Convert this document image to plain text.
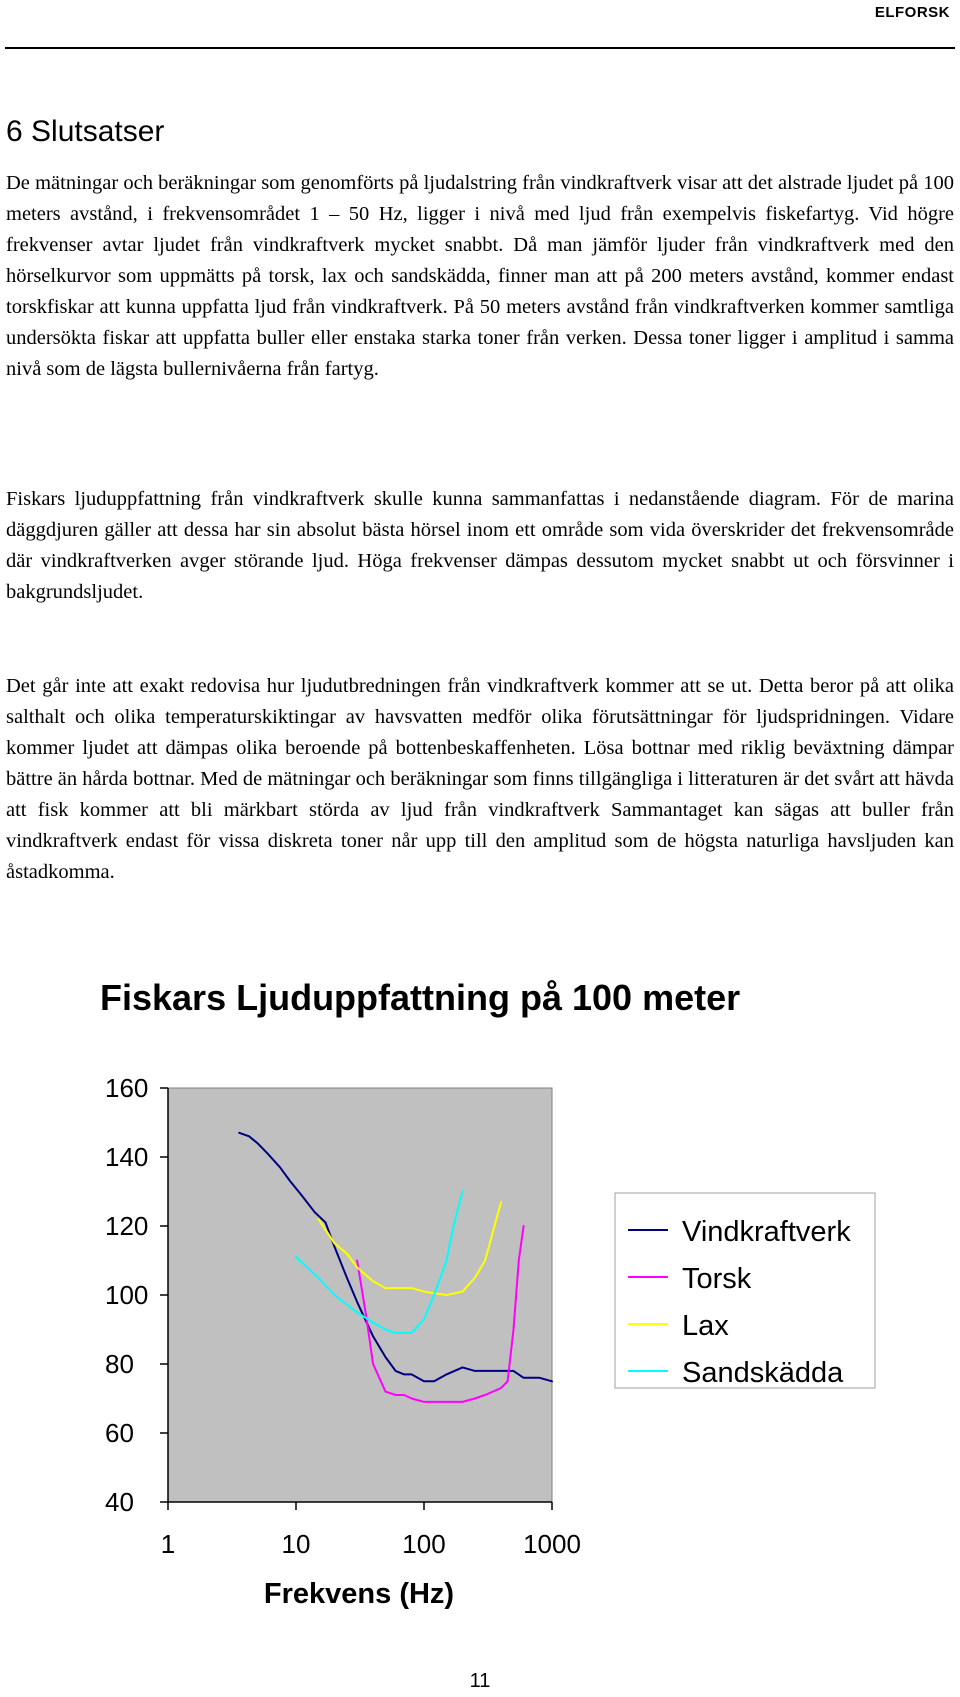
ELFORSK
6 Slutsatser

De mätningar och beräkningar som genomförts på ljudalstring från vindkraftverk visar att det alstrade ljudet på 100 meters avstånd, i frekvensområdet 1 – 50 Hz, ligger i nivå med ljud från exempelvis fiskefartyg. Vid högre frekvenser avtar ljudet från vindkraftverk mycket snabbt. Då man jämför ljuder från vindkraftverk med den hörselkurvor som uppmätts på torsk, lax och sandskädda, finner man att på 200 meters avstånd, kommer endast torskfiskar att kunna uppfatta ljud från vindkraftverk. På 50 meters avstånd från vindkraftverken kommer samtliga undersökta fiskar att uppfatta buller eller enstaka starka toner från verken. Dessa toner ligger i amplitud i samma nivå som de lägsta bullernivåerna från fartyg.

Fiskars ljuduppfattning från vindkraftverk skulle kunna sammanfattas i nedanstående diagram. För de marina däggdjuren gäller att dessa har sin absolut bästa hörsel inom ett område som vida överskrider det frekvensområde där vindkraftverken avger störande ljud. Höga frekvenser dämpas dessutom mycket snabbt ut och försvinner i bakgrundsljudet.

Det går inte att exakt redovisa hur ljudutbredningen från vindkraftverk kommer att se ut. Detta beror på att olika salthalt och olika temperaturskiktingar av havsvatten medför olika förutsättningar för ljudspridningen. Vidare kommer ljudet att dämpas olika beroende på bottenbeskaffenheten. Lösa bottnar med riklig beväxtning dämpar bättre än hårda bottnar. Med de mätningar och beräkningar som finns tillgängliga i litteraturen är det svårt att hävda att fisk kommer att bli märkbart störda av ljud från vindkraftverk Sammantaget kan sägas att buller från vindkraftverk endast för vissa diskreta toner når upp till den amplitud som de högsta naturliga havsljuden kan åstadkomma.

Fiskars Ljuduppfattning på 100 meter
40
60
80
100
120
140
160
1	10	100	1000
Frekvens (Hz)
Vindkraftverk
Torsk
Lax
Sandskädda
11
